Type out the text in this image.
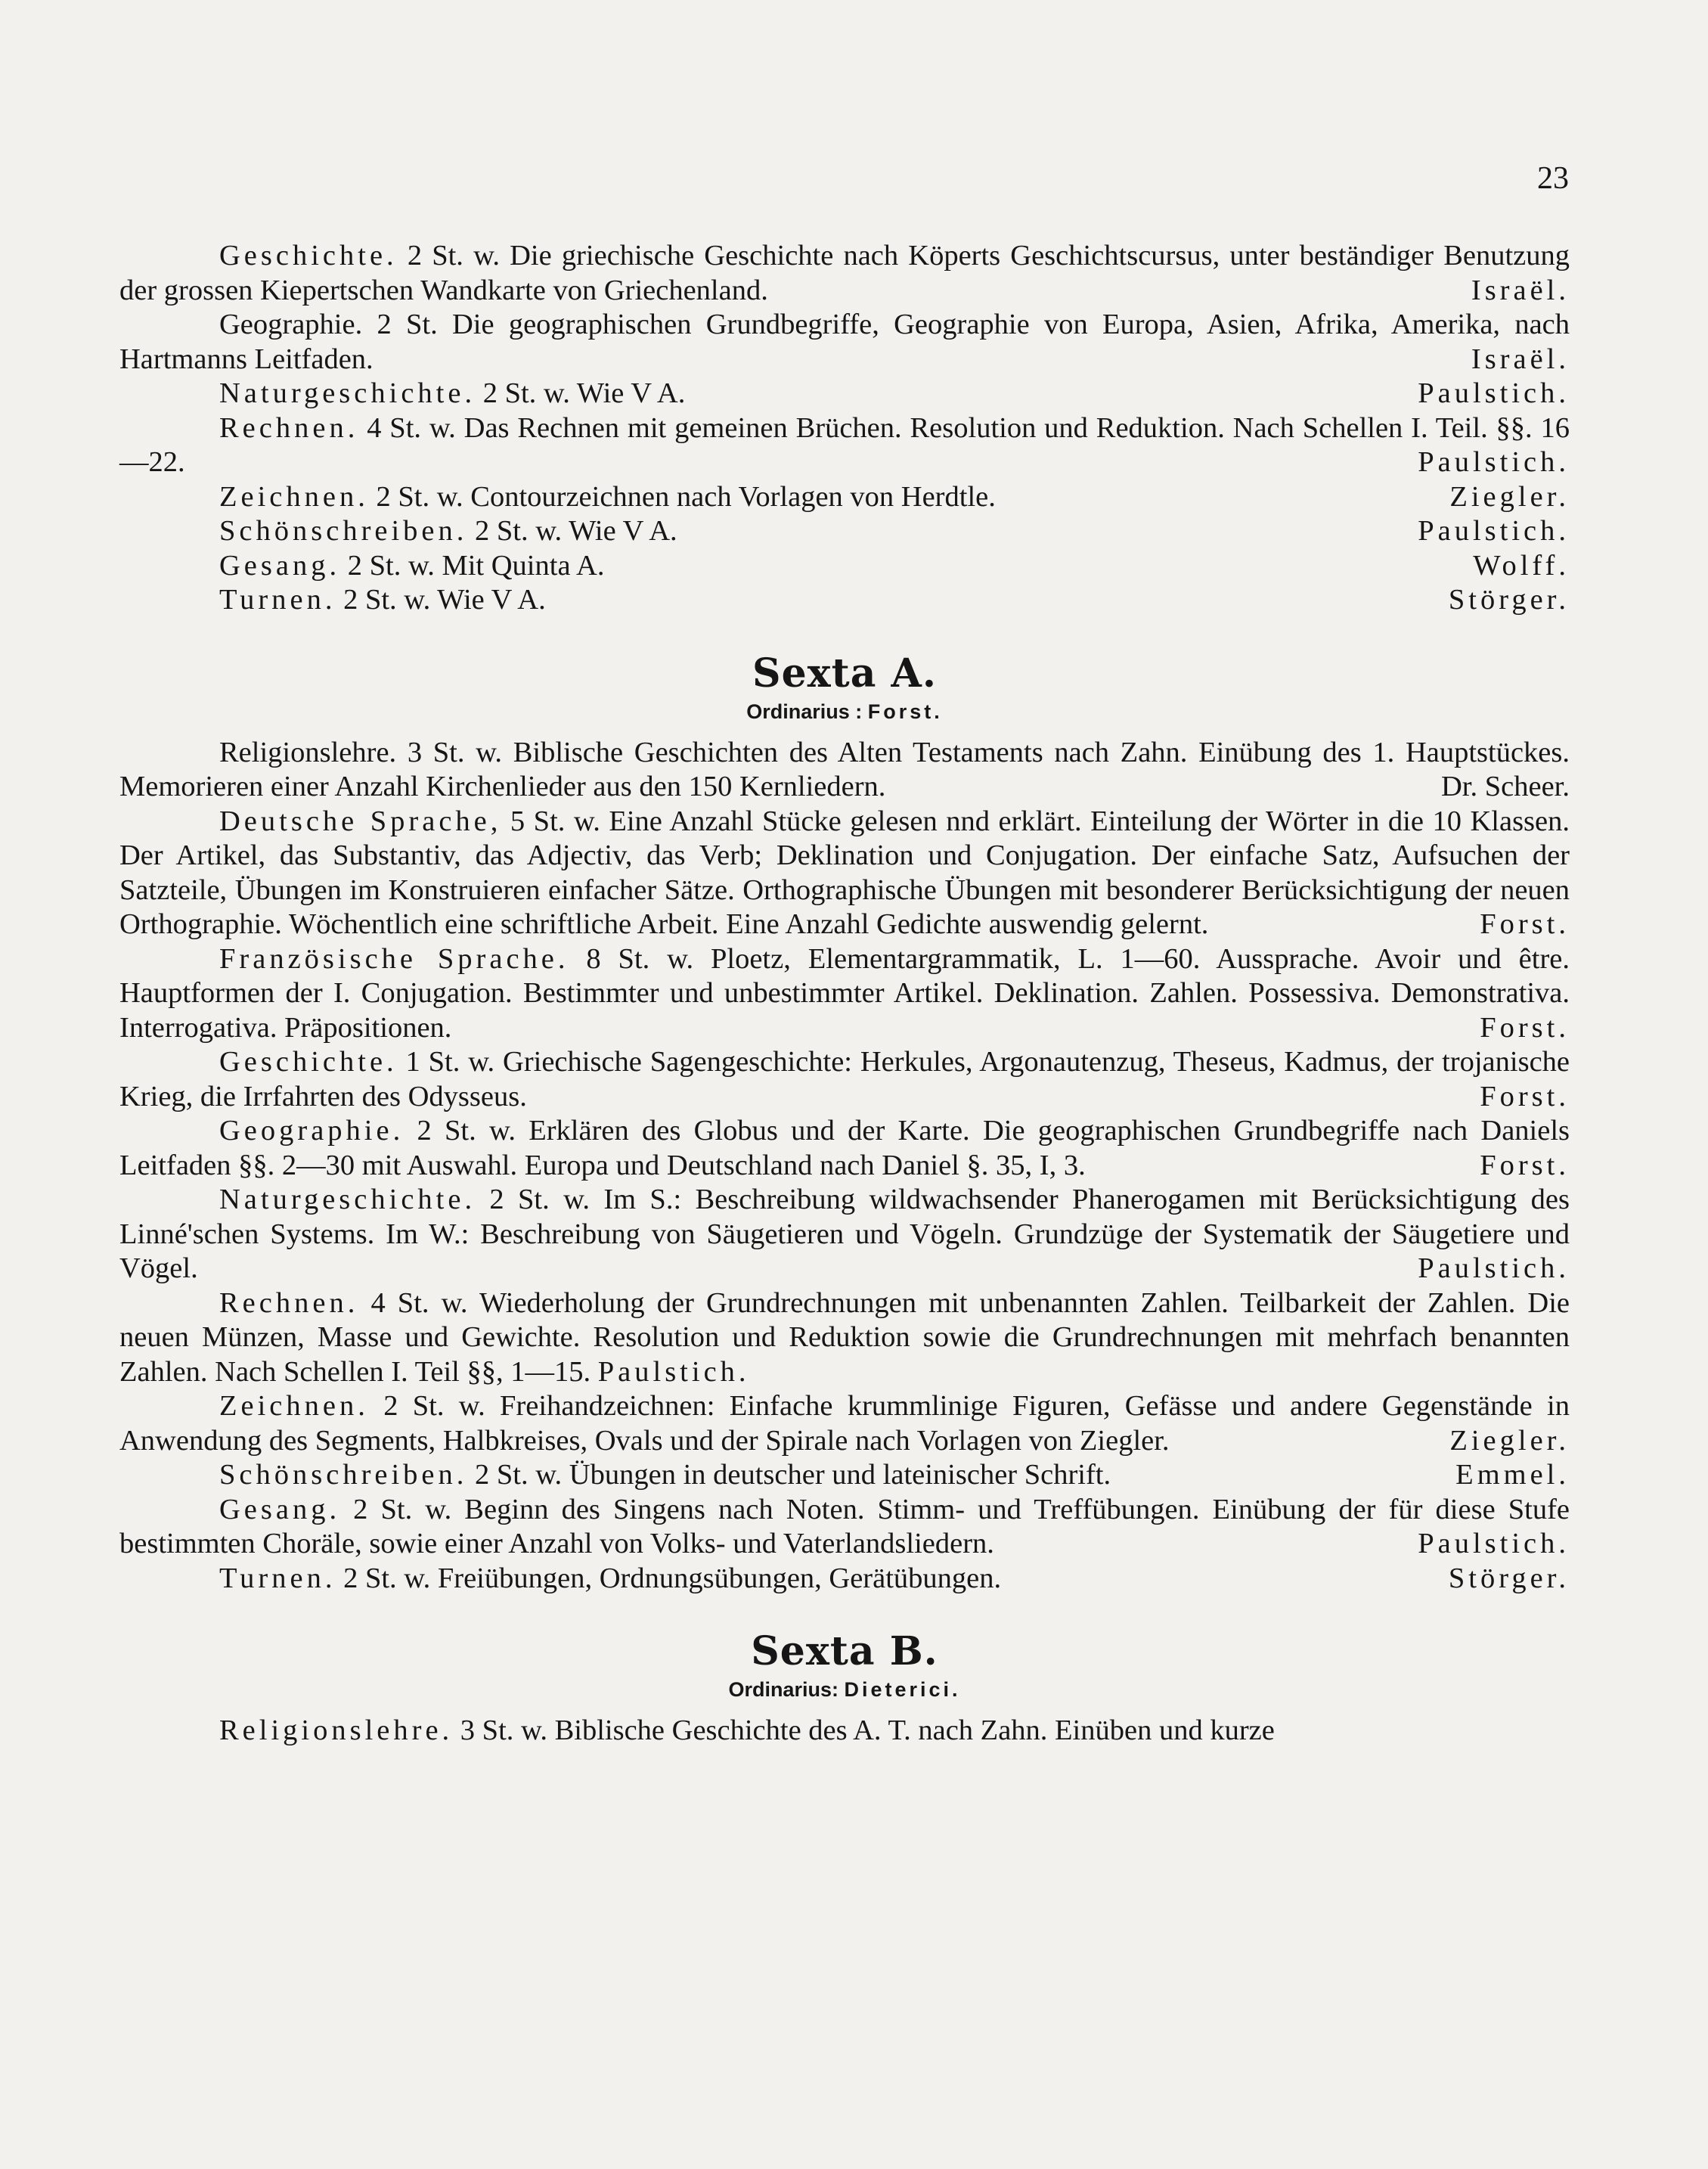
23

Geschichte. 2 St. w. Die griechische Geschichte nach Köperts Geschichtscursus, unter beständiger Benutzung der grossen Kiepertschen Wandkarte von Griechenland.	Israël.

Geographie. 2 St. Die geographischen Grundbegriffe, Geographie von Europa, Asien, Afrika, Amerika, nach Hartmanns Leitfaden.	Israël.

Naturgeschichte. 2 St. w. Wie V A.	Paulstich.

Rechnen. 4 St. w. Das Rechnen mit gemeinen Brüchen. Resolution und Reduktion. Nach Schellen I. Teil. §§. 16—22.	Paulstich.

Zeichnen. 2 St. w. Contourzeichnen nach Vorlagen von Herdtle.	Ziegler.

Schönschreiben. 2 St. w. Wie V A.	Paulstich.

Gesang. 2 St. w. Mit Quinta A.	Wolff.

Turnen. 2 St. w. Wie V A.	Störger.

Sexta A.
Ordinarius : Forst.

Religionslehre. 3 St. w. Biblische Geschichten des Alten Testaments nach Zahn. Einübung des 1. Hauptstückes. Memorieren einer Anzahl Kirchenlieder aus den 150 Kernliedern.	Dr. Scheer.

Deutsche Sprache, 5 St. w. Eine Anzahl Stücke gelesen nnd erklärt. Einteilung der Wörter in die 10 Klassen. Der Artikel, das Substantiv, das Adjectiv, das Verb; Deklination und Conjugation. Der einfache Satz, Aufsuchen der Satzteile, Übungen im Konstruieren einfacher Sätze. Orthographische Übungen mit besonderer Berücksichtigung der neuen Orthographie. Wöchentlich eine schriftliche Arbeit. Eine Anzahl Gedichte auswendig gelernt.	Forst.

Französische Sprache. 8 St. w. Ploetz, Elementargrammatik, L. 1—60. Aussprache. Avoir und être. Hauptformen der I. Conjugation. Bestimmter und unbestimmter Artikel. Deklination. Zahlen. Possessiva. Demonstrativa. Interrogativa. Präpositionen.	Forst.

Geschichte. 1 St. w. Griechische Sagengeschichte: Herkules, Argonautenzug, Theseus, Kadmus, der trojanische Krieg, die Irrfahrten des Odysseus.	Forst.

Geographie. 2 St. w. Erklären des Globus und der Karte. Die geographischen Grundbegriffe nach Daniels Leitfaden §§. 2—30 mit Auswahl. Europa und Deutschland nach Daniel §. 35, I, 3.	Forst.

Naturgeschichte. 2 St. w. Im S.: Beschreibung wildwachsender Phanerogamen mit Berücksichtigung des Linné'schen Systems. Im W.: Beschreibung von Säugetieren und Vögeln. Grundzüge der Systematik der Säugetiere und Vögel.	Paulstich.

Rechnen. 4 St. w. Wiederholung der Grundrechnungen mit unbenannten Zahlen. Teilbarkeit der Zahlen. Die neuen Münzen, Masse und Gewichte. Resolution und Reduktion sowie die Grundrechnungen mit mehrfach benannten Zahlen. Nach Schellen I. Teil §§, 1—15. Paulstich.

Zeichnen. 2 St. w. Freihandzeichnen: Einfache krummlinige Figuren, Gefässe und andere Gegenstände in Anwendung des Segments, Halbkreises, Ovals und der Spirale nach Vorlagen von Ziegler.	Ziegler.

Schönschreiben. 2 St. w. Übungen in deutscher und lateinischer Schrift.	Emmel.

Gesang. 2 St. w. Beginn des Singens nach Noten. Stimm- und Treffübungen. Einübung der für diese Stufe bestimmten Choräle, sowie einer Anzahl von Volks- und Vaterlandsliedern.	Paulstich.

Turnen. 2 St. w. Freiübungen, Ordnungsübungen, Gerätübungen.	Störger.

Sexta B.
Ordinarius: Dieterici.

Religionslehre. 3 St. w. Biblische Geschichte des A. T. nach Zahn. Einüben und kurze
